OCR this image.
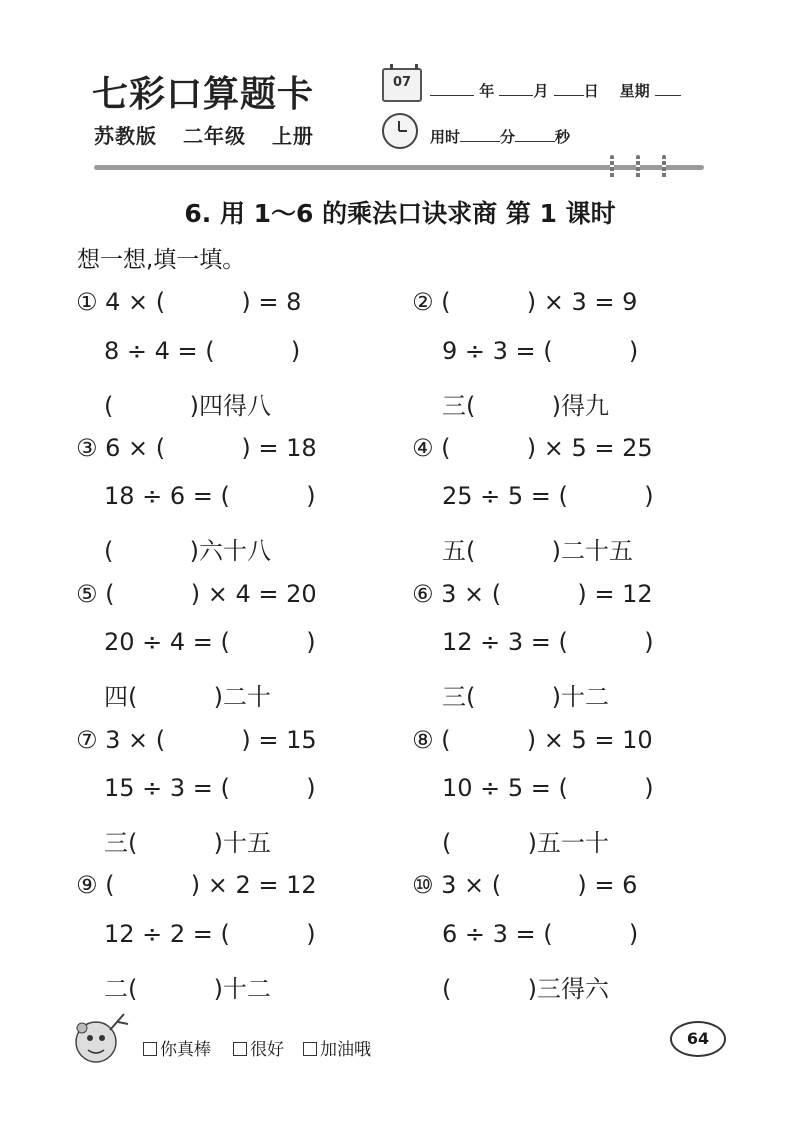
七彩口算题卡
苏教版 二年级 上册
07	年	月 日 星期
用时	分	秒
6. 用 1～6 的乘法口诀求商 第 1 课时
想一想,填一填。
① 4 × (          ) = 8
8 ÷ 4 = (          )
(          )四得八
③ 6 × (          ) = 18
18 ÷ 6 = (          )
(          )六十八
⑤ (          ) × 4 = 20
20 ÷ 4 = (          )
四(          )二十
⑦ 3 × (          ) = 15
15 ÷ 3 = (          )
三(          )十五
⑨ (          ) × 2 = 12
12 ÷ 2 = (          )
二(          )十二
② (          ) × 3 = 9
9 ÷ 3 = (          )
三(          )得九
④ (          ) × 5 = 25
25 ÷ 5 = (          )
五(          )二十五
⑥ 3 × (          ) = 12
12 ÷ 3 = (          )
三(          )十二
⑧ (          ) × 5 = 10
10 ÷ 5 = (          )
(          )五一十
⑩ 3 × (          ) = 6
6 ÷ 3 = (          )
(          )三得六
你真棒	很好	加油哦
64
